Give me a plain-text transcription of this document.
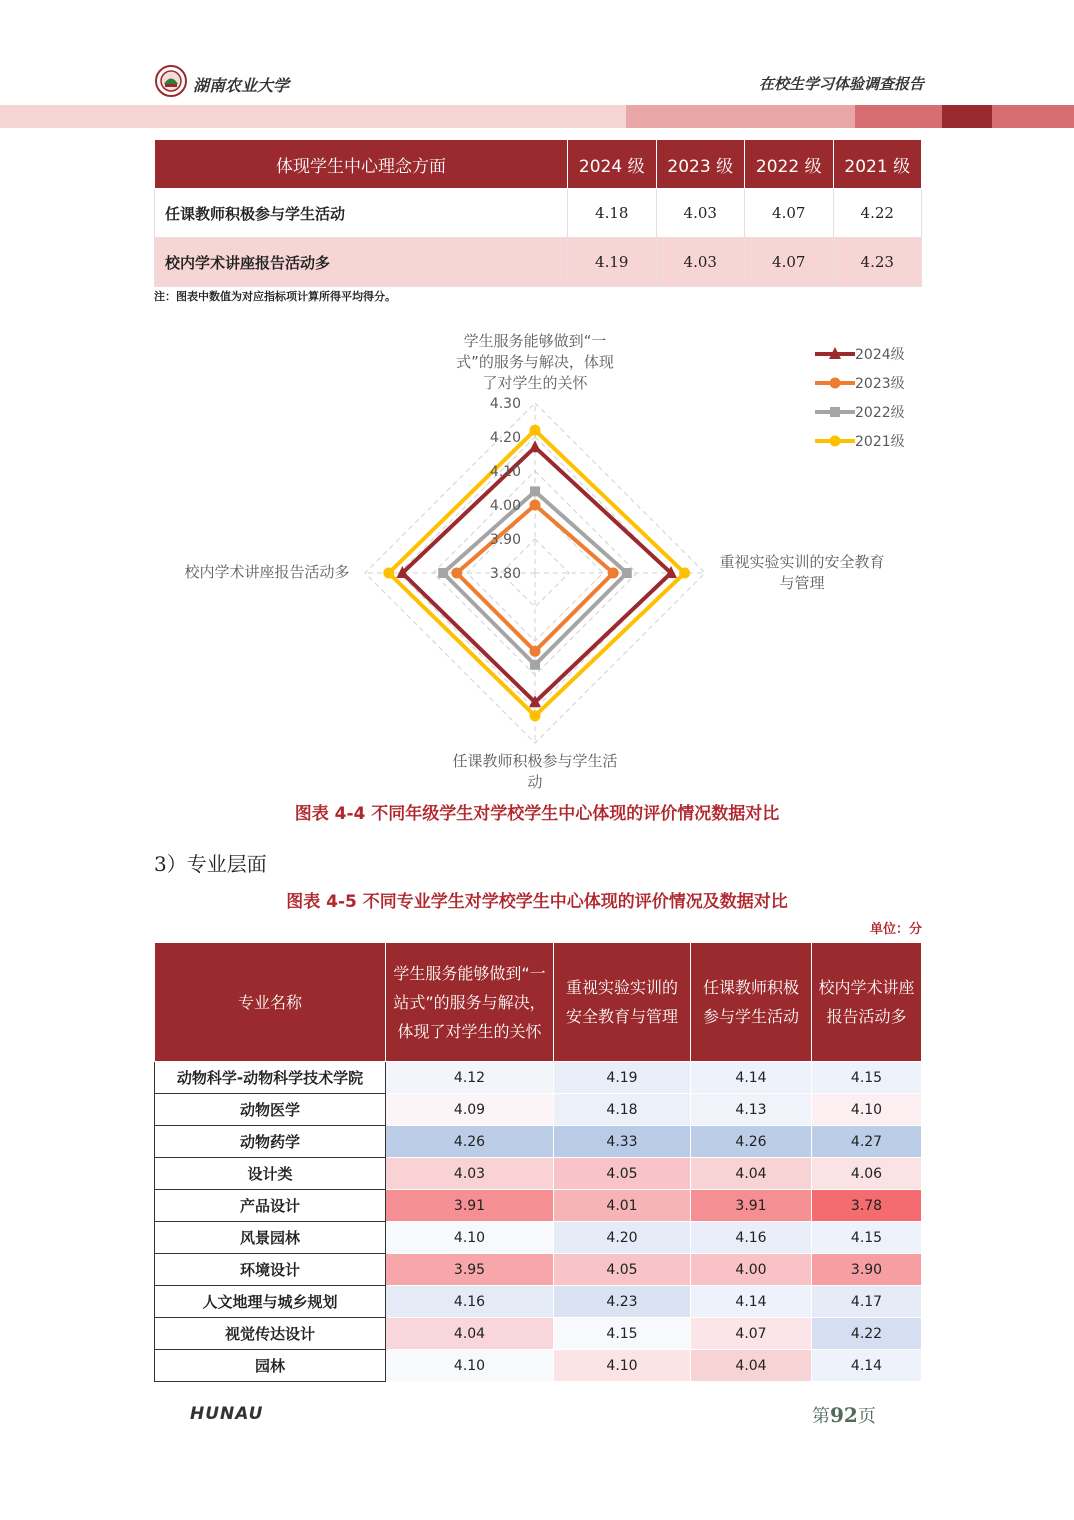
湖南农业大学	在校生学习体验调查报告
体现学生中心理念方面	2024 级	2023 级	2022 级	2021 级
任课教师积极参与学生活动	4.18	4.03	4.07	4.22
校内学术讲座报告活动多	4.19	4.03	4.07	4.23
注：图表中数值为对应指标项计算所得平均得分。
4.30
4.20
4.10
4.00
3.90
3.80
学生服务能够做到“一
式”的服务与解决，体现
了对学生的关怀
重视实验实训的安全教育
与管理
任课教师积极参与学生活
动
校内学术讲座报告活动多
2024级
2023级
2022级
2021级
图表 4-4 不同年级学生对学校学生中心体现的评价情况数据对比
3）专业层面
图表 4-5 不同专业学生对学校学生中心体现的评价情况及数据对比
单位：分
专业名称	学生服务能够做到“一站式”的服务与解决，体现了对学生的关怀	重视实验实训的安全教育与管理	任课教师积极参与学生活动	校内学术讲座报告活动多
动物科学-动物科学技术学院	4.12	4.19	4.14	4.15
动物医学	4.09	4.18	4.13	4.10
动物药学	4.26	4.33	4.26	4.27
设计类	4.03	4.05	4.04	4.06
产品设计	3.91	4.01	3.91	3.78
风景园林	4.10	4.20	4.16	4.15
环境设计	3.95	4.05	4.00	3.90
人文地理与城乡规划	4.16	4.23	4.14	4.17
视觉传达设计	4.04	4.15	4.07	4.22
园林	4.10	4.10	4.04	4.14
HUNAU	第92页
